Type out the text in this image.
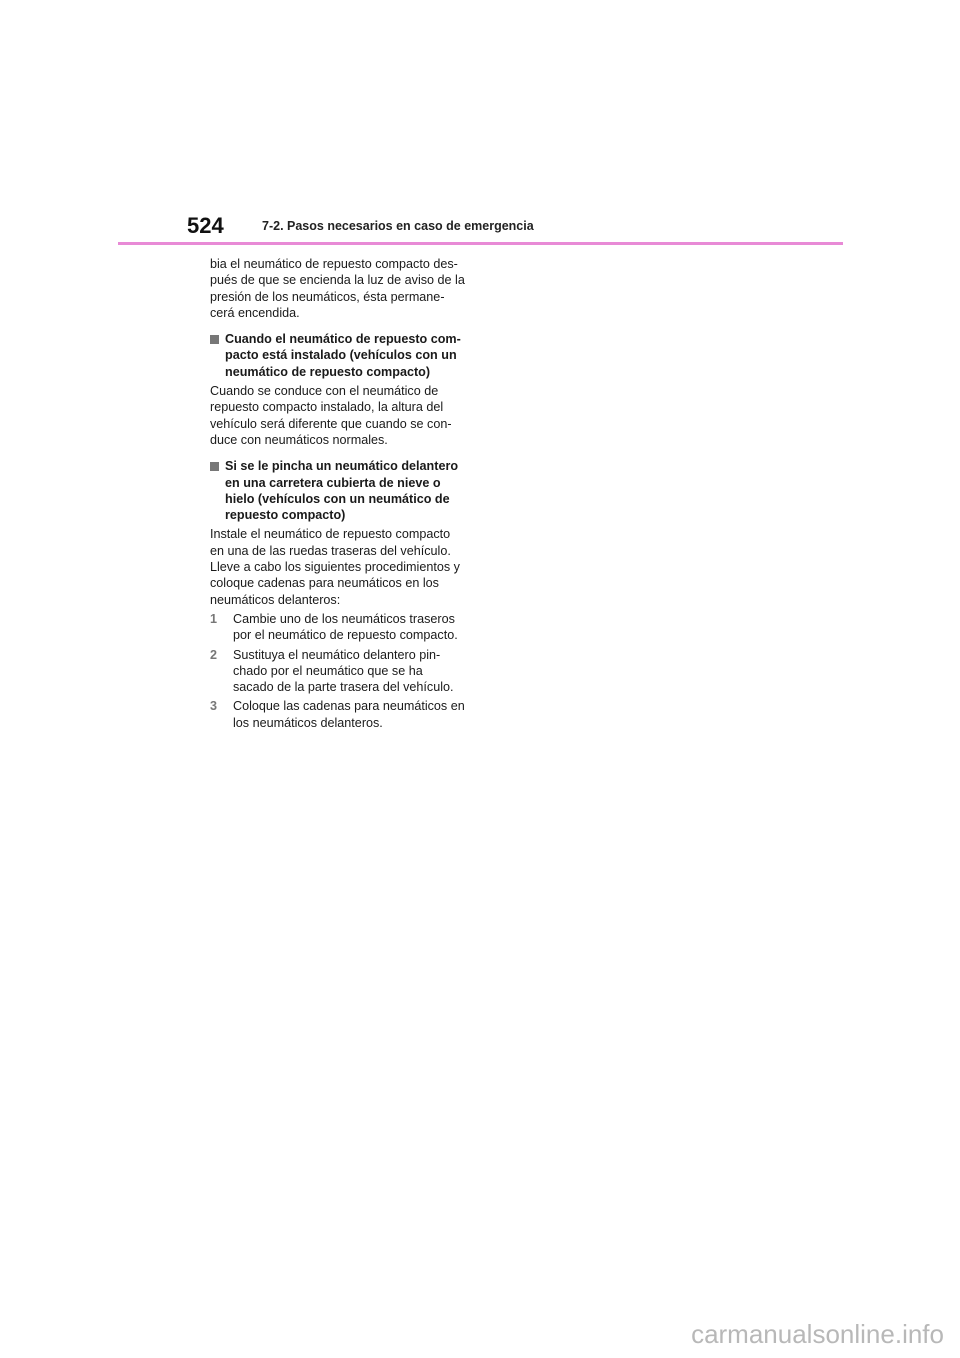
524	7-2. Pasos necesarios en caso de emergencia

bia el neumático de repuesto compacto des-
pués de que se encienda la luz de aviso de la
presión de los neumáticos, ésta permane-
cerá encendida.

Cuando el neumático de repuesto com-
pacto está instalado (vehículos con un
neumático de repuesto compacto)

Cuando se conduce con el neumático de
repuesto compacto instalado, la altura del
vehículo será diferente que cuando se con-
duce con neumáticos normales.

Si se le pincha un neumático delantero
en una carretera cubierta de nieve o
hielo (vehículos con un neumático de
repuesto compacto)

Instale el neumático de repuesto compacto
en una de las ruedas traseras del vehículo.
Lleve a cabo los siguientes procedimientos y
coloque cadenas para neumáticos en los
neumáticos delanteros:

1 Cambie uno de los neumáticos traseros
por el neumático de repuesto compacto.
2 Sustituya el neumático delantero pin-
chado por el neumático que se ha
sacado de la parte trasera del vehículo.
3 Coloque las cadenas para neumáticos en
los neumáticos delanteros.
carmanualsonline.info
